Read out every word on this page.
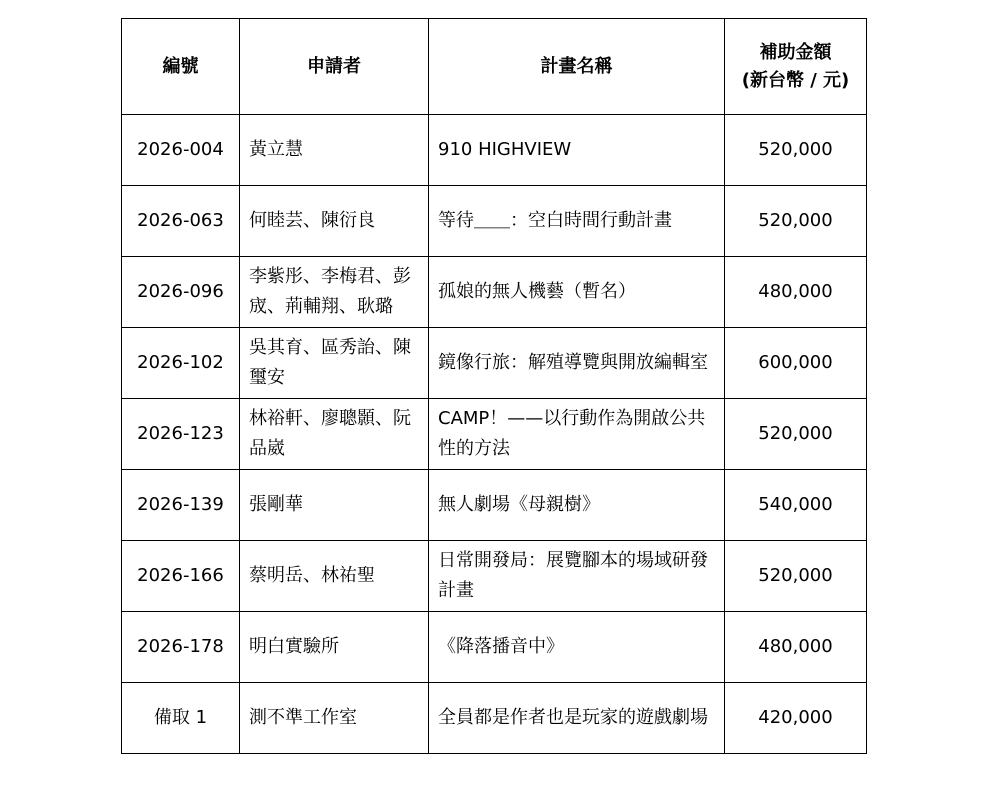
編號	申請者	計畫名稱	補助金額
(新台幣 / 元)
2026-004	黃立慧	910 HIGHVIEW	520,000
2026-063	何睦芸、陳衍良	等待＿＿：空白時間行動計畫	520,000
2026-096	李紫彤、李梅君、彭宬、荊輔翔、耿璐	孤娘的無人機藝（暫名）	480,000
2026-102	吳其育、區秀詒、陳璽安	鏡像行旅：解殖導覽與開放編輯室	600,000
2026-123	林裕軒、廖聰顥、阮品崴	CAMP！——以行動作為開啟公共性的方法	520,000
2026-139	張剛華	無人劇場《母親樹》	540,000
2026-166	蔡明岳、林祐聖	日常開發局：展覽腳本的場域研發計畫	520,000
2026-178	明白實驗所	《降落播音中》	480,000
備取 1	測不準工作室	全員都是作者也是玩家的遊戲劇場	420,000
